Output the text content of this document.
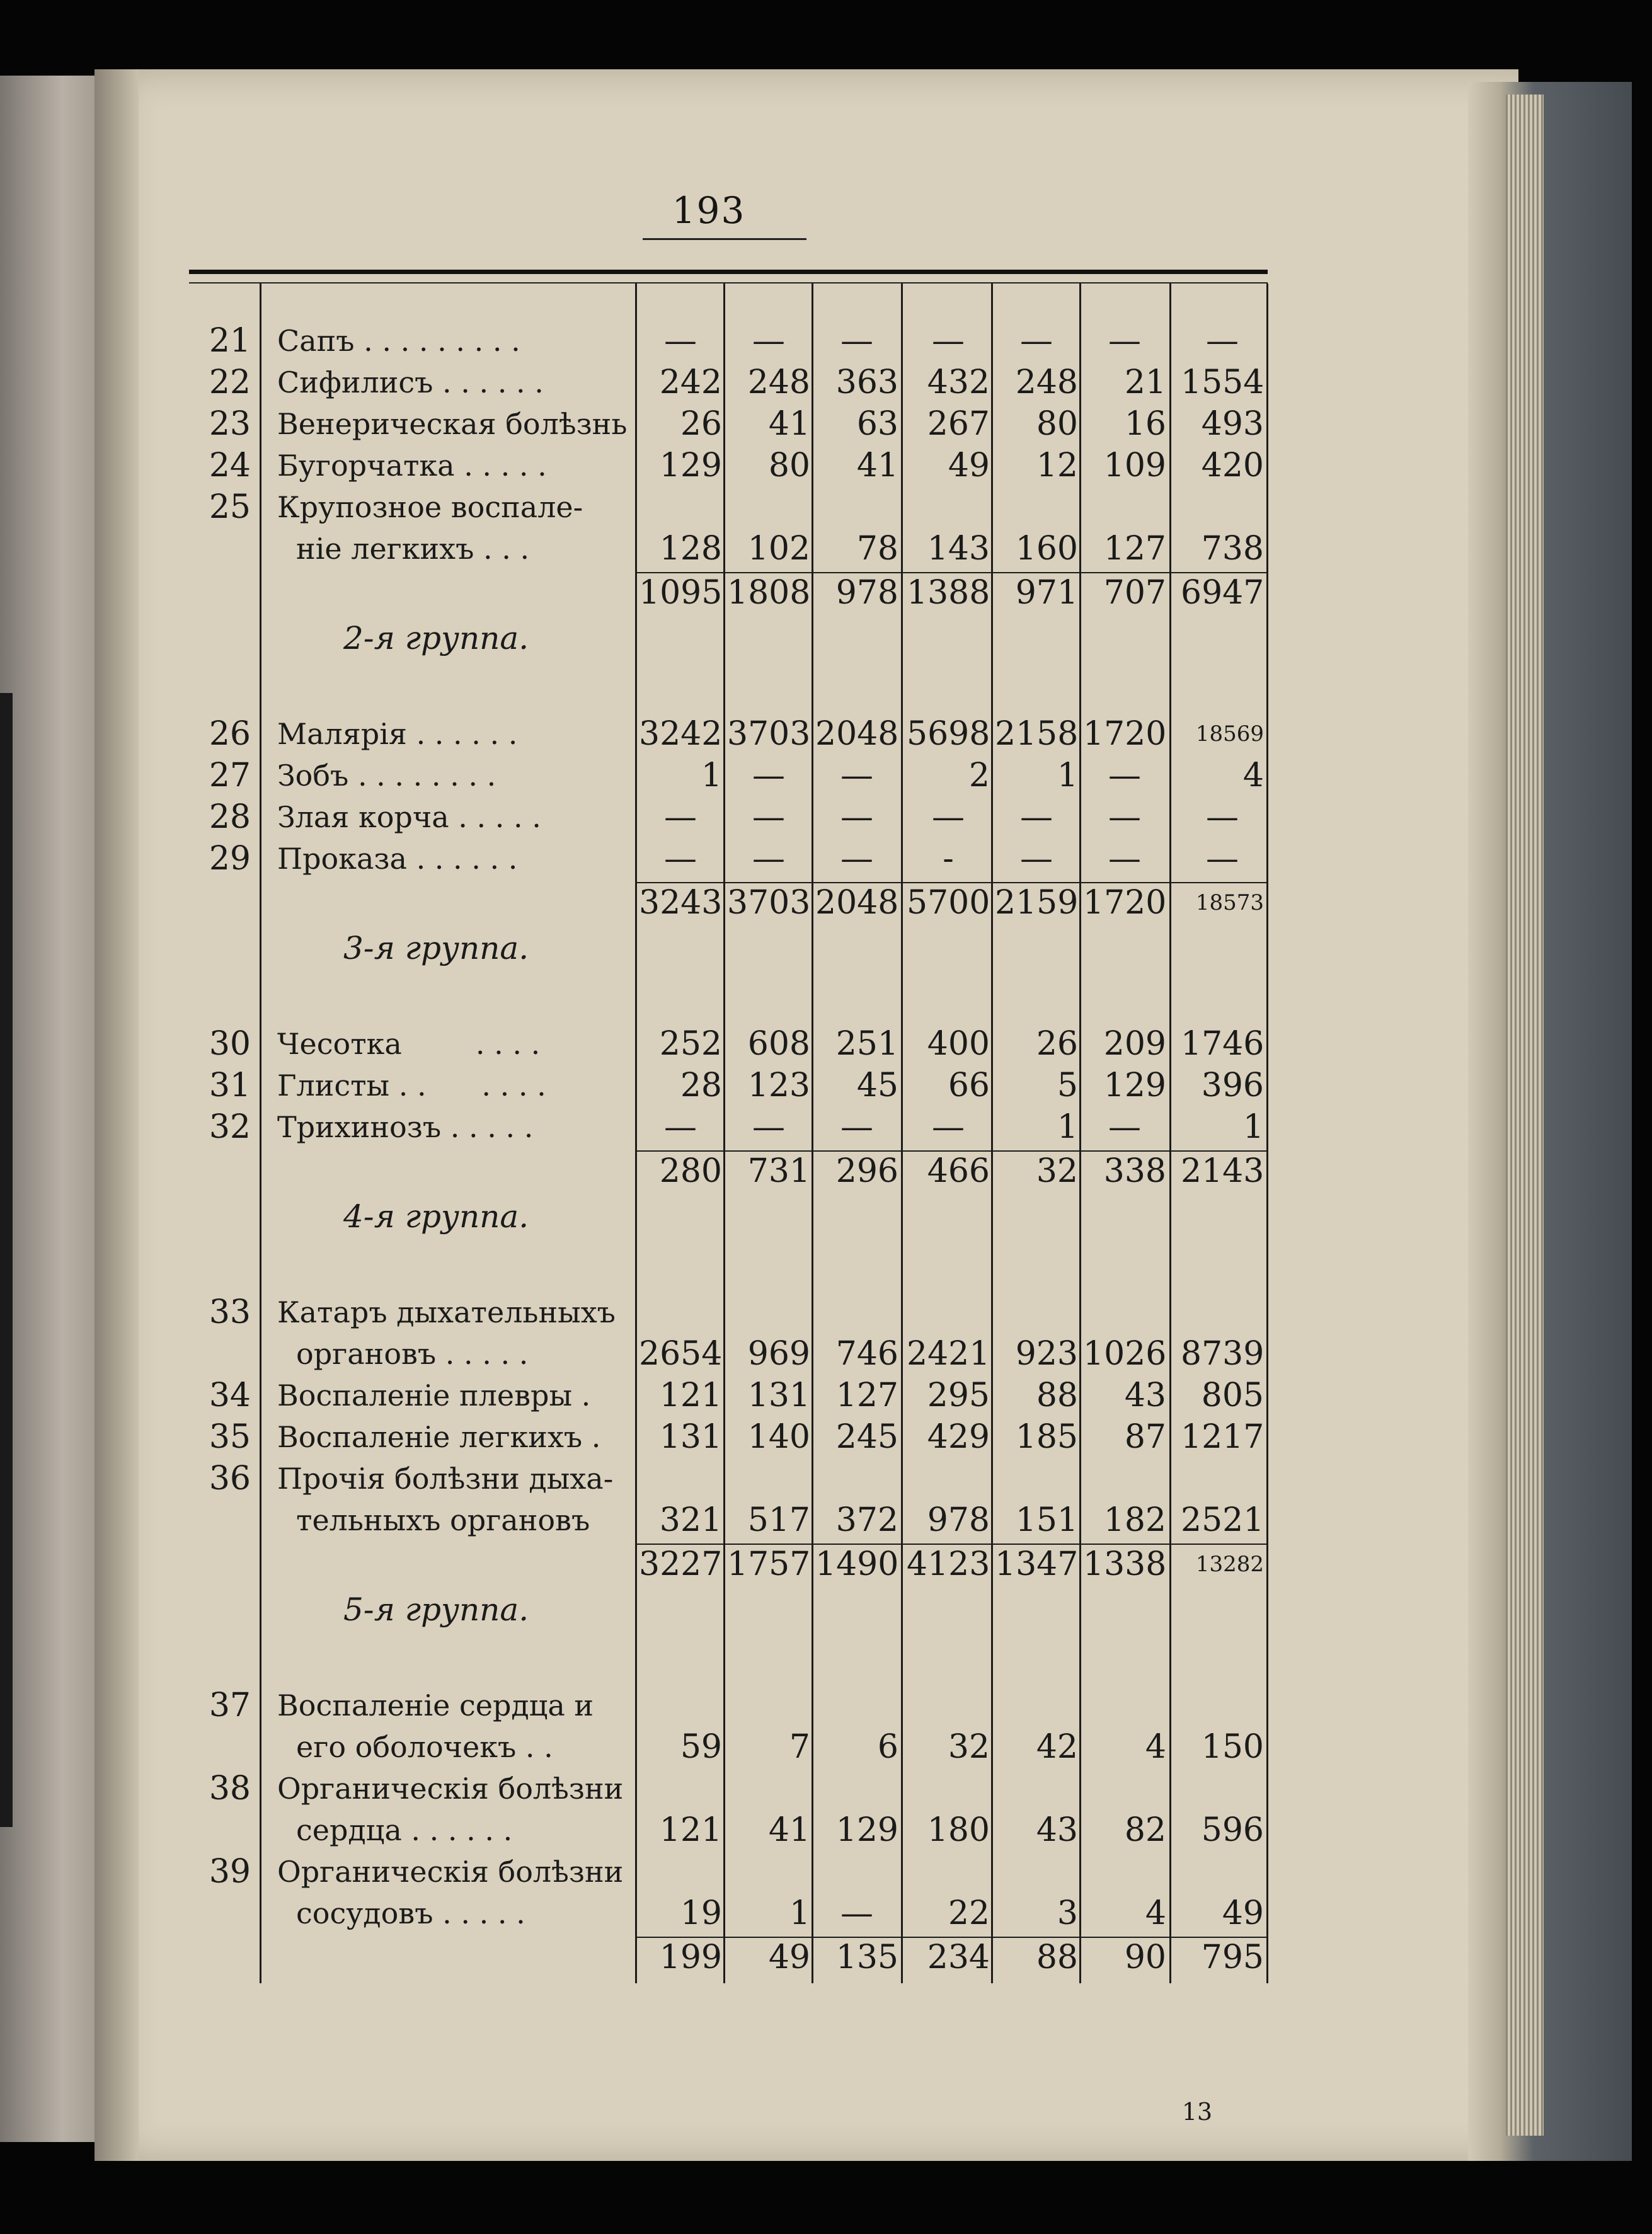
193
21 Сапъ . . . . . . . . .	—	—	—	—	—	—	—
22 Сифилисъ . . . . . .	242 248 363 432 248	21 1554
23 Венерическая болѣзнь	26	41	63 267	80	16	493
24 Бугорчатка . . . . .	129	80	41	49	12 109	420
25 Крупозное воспале-
ніе легкихъ . . .	128 102	78 143 160 127	738
1095 1808 978 1388 971 707 6947
2-я группа.
26 Малярія . . . . . .	3242 3703 2048 5698 2158 1720	18569
27 Зобъ . . . . . . . .	1 —	—	2	1 —	4
28 Злая корча . . . . .	—	—	—	—	—	—	—
29 Проказа . . . . . .	—	—	—	-	—	—	—
3243 3703 2048 5700 2159 1720	18573
3-я группа.
30 Чесотка        . . . .	252 608 251 400	26 209 1746
31 Глисты . .      . . . .	28 123	45	66	5 129	396
32 Трихинозъ . . . . .	—	—	—	—	1 —	1
280 731 296 466	32 338 2143
4-я группа.
33 Катаръ дыхательныхъ
органовъ . . . . .	2654 969 746 2421 923 1026 8739
34 Воспаленіе плевры .	121 131 127 295	88	43	805
35 Воспаленіе легкихъ .	131 140 245 429 185	87 1217
36 Прочія болѣзни дыха-
тельныхъ органовъ	321 517 372 978 151 182 2521
3227 1757 1490 4123 1347 1338	13282
5-я группа.
37 Воспаленіе сердца и
его оболочекъ . .	59	7	6	32	42	4	150
38 Органическія болѣзни
сердца . . . . . .	121	41 129 180	43	82	596
39 Органическія болѣзни
сосудовъ . . . . .	19	1 —	22	3	4	49
199	49 135 234	88	90	795
13
